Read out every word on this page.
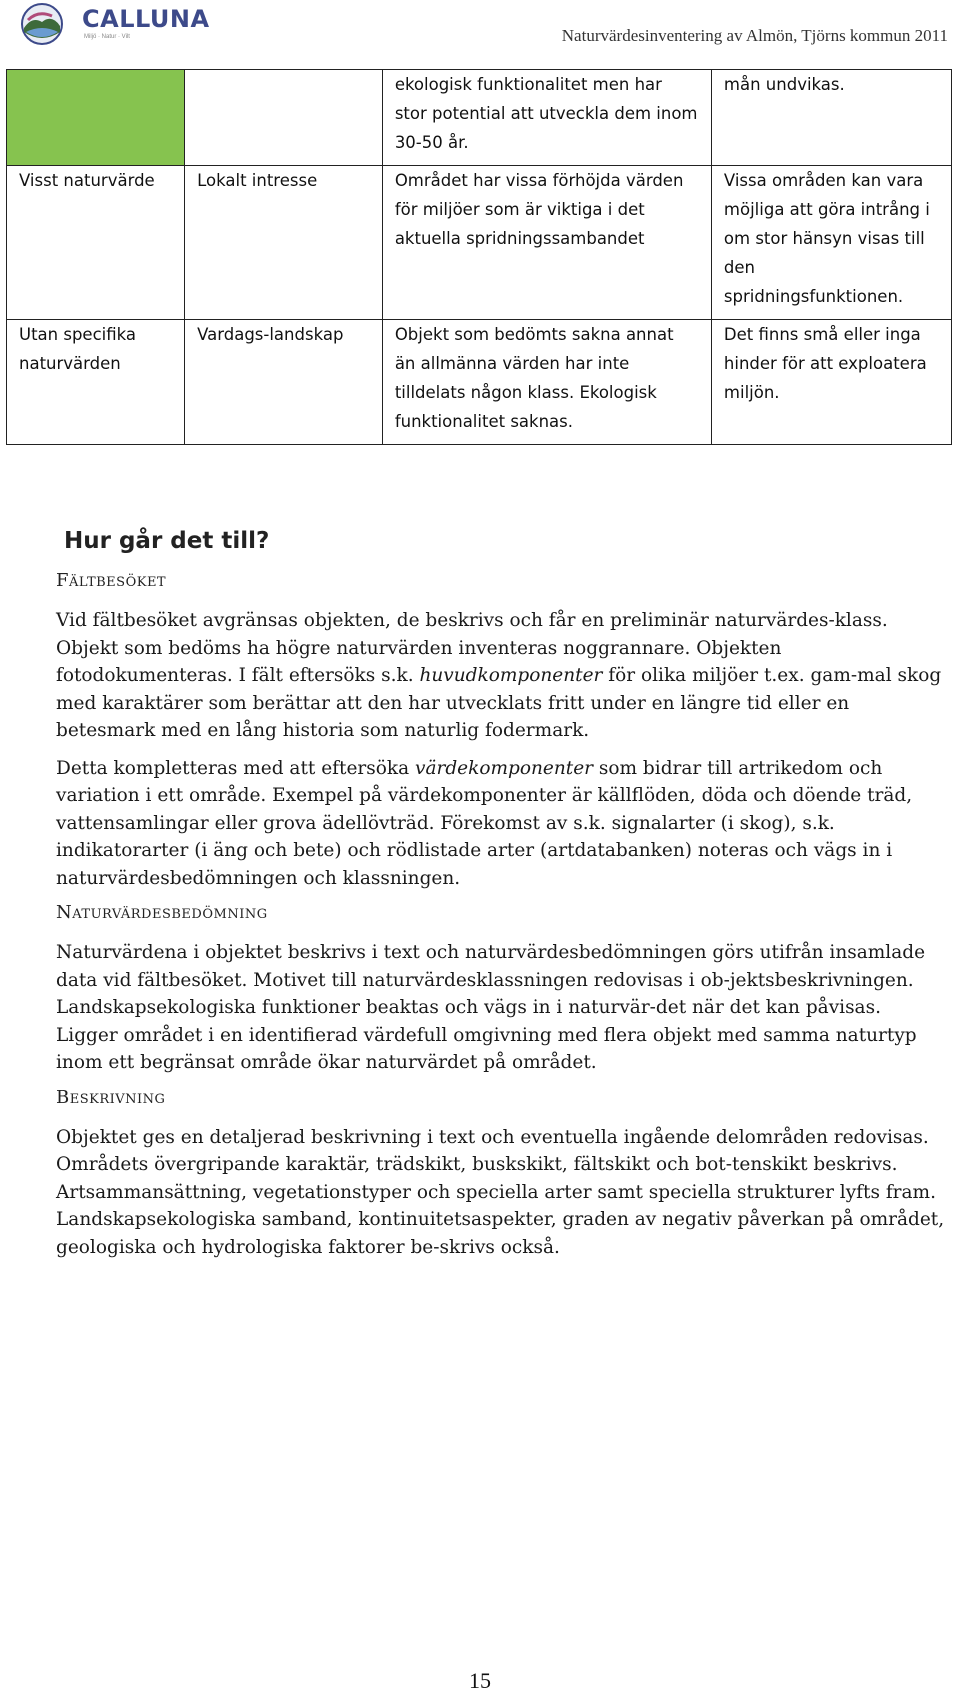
CALLUNA
Miljö · Natur · Vilt	Naturvärdesinventering av Almön, Tjörns kommun 2011
		ekologisk funktionalitet men har stor potential att utveckla dem inom 30-50 år.	mån undvikas.
Visst naturvärde	Lokalt intresse	Området har vissa förhöjda värden för miljöer som är viktiga i det aktuella spridningssambandet	Vissa områden kan vara möjliga att göra intrång i om stor hänsyn visas till den spridningsfunktionen.
Utan specifika naturvärden	Vardags-landskap	Objekt som bedömts sakna annat än allmänna värden har inte tilldelats någon klass. Ekologisk funktionalitet saknas.	Det finns små eller inga hinder för att exploatera miljön.
Hur går det till?
Fältbesöket

Vid fältbesöket avgränsas objekten, de beskrivs och får en preliminär naturvärdes-klass. Objekt som bedöms ha högre naturvärden inventeras noggrannare. Objekten fotodokumenteras. I fält eftersöks s.k. huvudkomponenter för olika miljöer t.ex. gam-mal skog med karaktärer som berättar att den har utvecklats fritt under en längre tid eller en betesmark med en lång historia som naturlig fodermark.

Detta kompletteras med att eftersöka värdekomponenter som bidrar till artrikedom och variation i ett område. Exempel på värdekomponenter är källflöden, döda och döende träd, vattensamlingar eller grova ädellövträd. Förekomst av s.k. signalarter (i skog), s.k. indikatorarter (i äng och bete) och rödlistade arter (artdatabanken) noteras och vägs in i naturvärdesbedömningen och klassningen.

Naturvärdesbedömning

Naturvärdena i objektet beskrivs i text och naturvärdesbedömningen görs utifrån insamlade data vid fältbesöket. Motivet till naturvärdesklassningen redovisas i ob-jektsbeskrivningen. Landskapsekologiska funktioner beaktas och vägs in i naturvär-det när det kan påvisas. Ligger området i en identifierad värdefull omgivning med flera objekt med samma naturtyp inom ett begränsat område ökar naturvärdet på området.

Beskrivning

Objektet ges en detaljerad beskrivning i text och eventuella ingående delområden redovisas. Områdets övergripande karaktär, trädskikt, buskskikt, fältskikt och bot-tenskikt beskrivs. Artsammansättning, vegetationstyper och speciella arter samt speciella strukturer lyfts fram. Landskapsekologiska samband, kontinuitetsaspekter, graden av negativ påverkan på området, geologiska och hydrologiska faktorer be-skrivs också.

15
